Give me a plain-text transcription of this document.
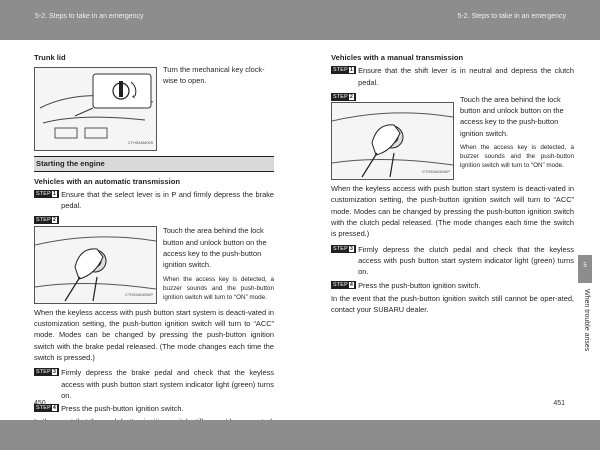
5-2. Steps to take in an emergency	5-2. Steps to take in an emergency
5
When trouble arises
Trunk lid
CTH53AM005
Turn the mechanical key clock-wise to open.
Starting the engine
Vehicles with an automatic transmission
STEP 1 Ensure that the select lever is in P and firmly depress the brake pedal.
STEP 2
CTH53AM006P
Touch the area behind the lock button and unlock button on the access key to the push-button ignition switch.
When the access key is detected, a buzzer sounds and the push-button ignition switch will turn to “ON” mode.
When the keyless access with push button start system is deacti-vated in customization setting, the push-button ignition switch will turn to “ACC” mode. Modes can be changed by pressing the push-button ignition switch with the brake pedal released. (The mode changes each time the switch is pressed.)
STEP 3 Firmly depress the brake pedal and check that the keyless access with push button start system indicator light (green) turns on.
STEP 4 Press the push-button ignition switch.
Vehicles with a manual transmission
STEP 1 Ensure that the shift lever is in neutral and depress the clutch pedal.
STEP 2
CTH53AM006P
Touch the area behind the lock button and unlock button on the access key to the push-button ignition switch.
When the access key is detected, a buzzer sounds and the push-button ignition switch will turn to “ON” mode.
When the keyless access with push button start system is deacti-vated in customization setting, the push-button ignition switch will turn to “ACC” mode. Modes can be changed by pressing the push-button ignition switch with the clutch pedal released. (The mode changes each time the switch is pressed.)
STEP 3 Firmly depress the clutch pedal and check that the keyless access with push button start system indicator light (green) turns on.
STEP 4 Press the push-button ignition switch.
In the event that the push-button ignition switch still cannot be oper-ated, contact your SUBARU dealer.
450	451
